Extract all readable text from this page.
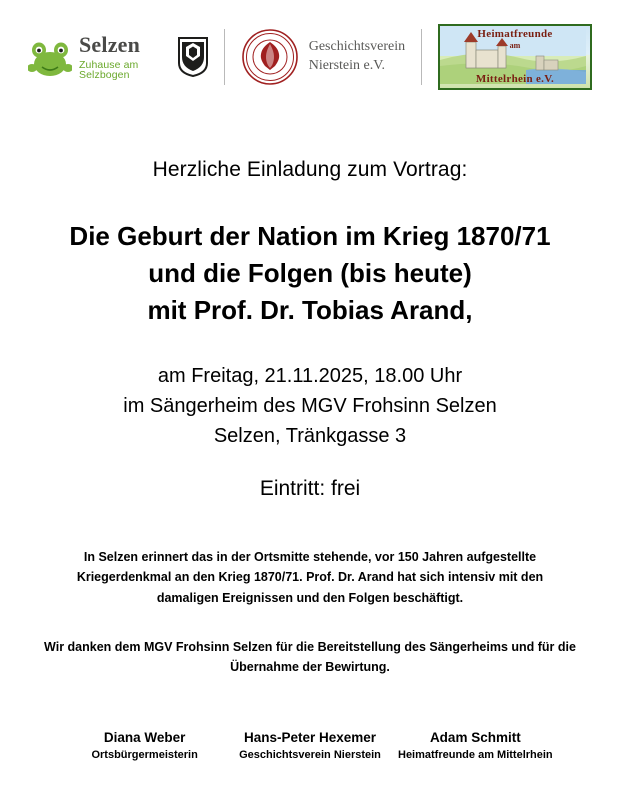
Selzen
Zuhause am Selzbogen
Geschichtsverein
Nierstein e.V.
Heimatfreunde
am
Mittelrhein e.V.
Herzliche Einladung zum Vortrag:
Die Geburt der Nation im Krieg 1870/71
und die Folgen (bis heute)
mit Prof. Dr. Tobias Arand,
am Freitag, 21.11.2025, 18.00 Uhr
im Sängerheim des MGV Frohsinn Selzen
Selzen, Tränkgasse 3
Eintritt: frei
In Selzen erinnert das in der Ortsmitte stehende, vor 150 Jahren aufgestellte Kriegerdenkmal an den Krieg 1870/71. Prof. Dr. Arand hat sich intensiv mit den damaligen Ereignissen und den Folgen beschäftigt.
Wir danken dem MGV Frohsinn Selzen für die Bereitstellung des Sängerheims und für die Übernahme der Bewirtung.
Diana Weber
Ortsbürgermeisterin
Hans-Peter Hexemer
Geschichtsverein Nierstein
Adam Schmitt
Heimatfreunde am Mittelrhein
